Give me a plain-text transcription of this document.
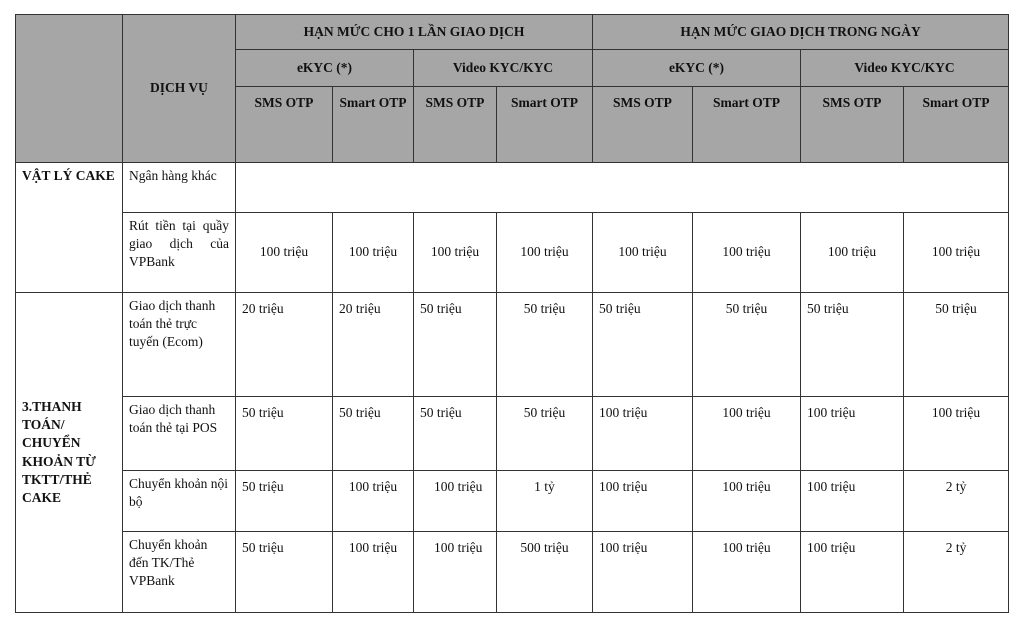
	DỊCH VỤ	HẠN MỨC CHO 1 LẦN GIAO DỊCH				HẠN MỨC GIAO DỊCH TRONG NGÀY			
		eKYC (*)		Video KYC/KYC		eKYC (*)		Video KYC/KYC	
		SMS OTP	Smart OTP	SMS OTP	Smart OTP	SMS OTP	Smart OTP	SMS OTP	Smart OTP
VẬT LÝ CAKE	Ngân hàng khác								
	Rút tiền tại quầy giao dịch của VPBank	100 triệu	100 triệu	100 triệu	100 triệu	100 triệu	100 triệu	100 triệu	100 triệu
3.THANH TOÁN/ CHUYỂN KHOẢN TỪ TKTT/THẺ CAKE	Giao dịch thanh toán thẻ trực tuyến (Ecom)	20 triệu	20 triệu	50 triệu	50 triệu	50 triệu	50 triệu	50 triệu	50 triệu
	Giao dịch thanh toán thẻ tại POS	50 triệu	50 triệu	50 triệu	50 triệu	100 triệu	100 triệu	100 triệu	100 triệu
	Chuyển khoản nội bộ	50 triệu	100 triệu	100 triệu	1 tỷ	100 triệu	100 triệu	100 triệu	2 tỷ
	Chuyển khoản đến TK/Thẻ VPBank	50 triệu	100 triệu	100 triệu	500 triệu	100 triệu	100 triệu	100 triệu	2 tỷ
